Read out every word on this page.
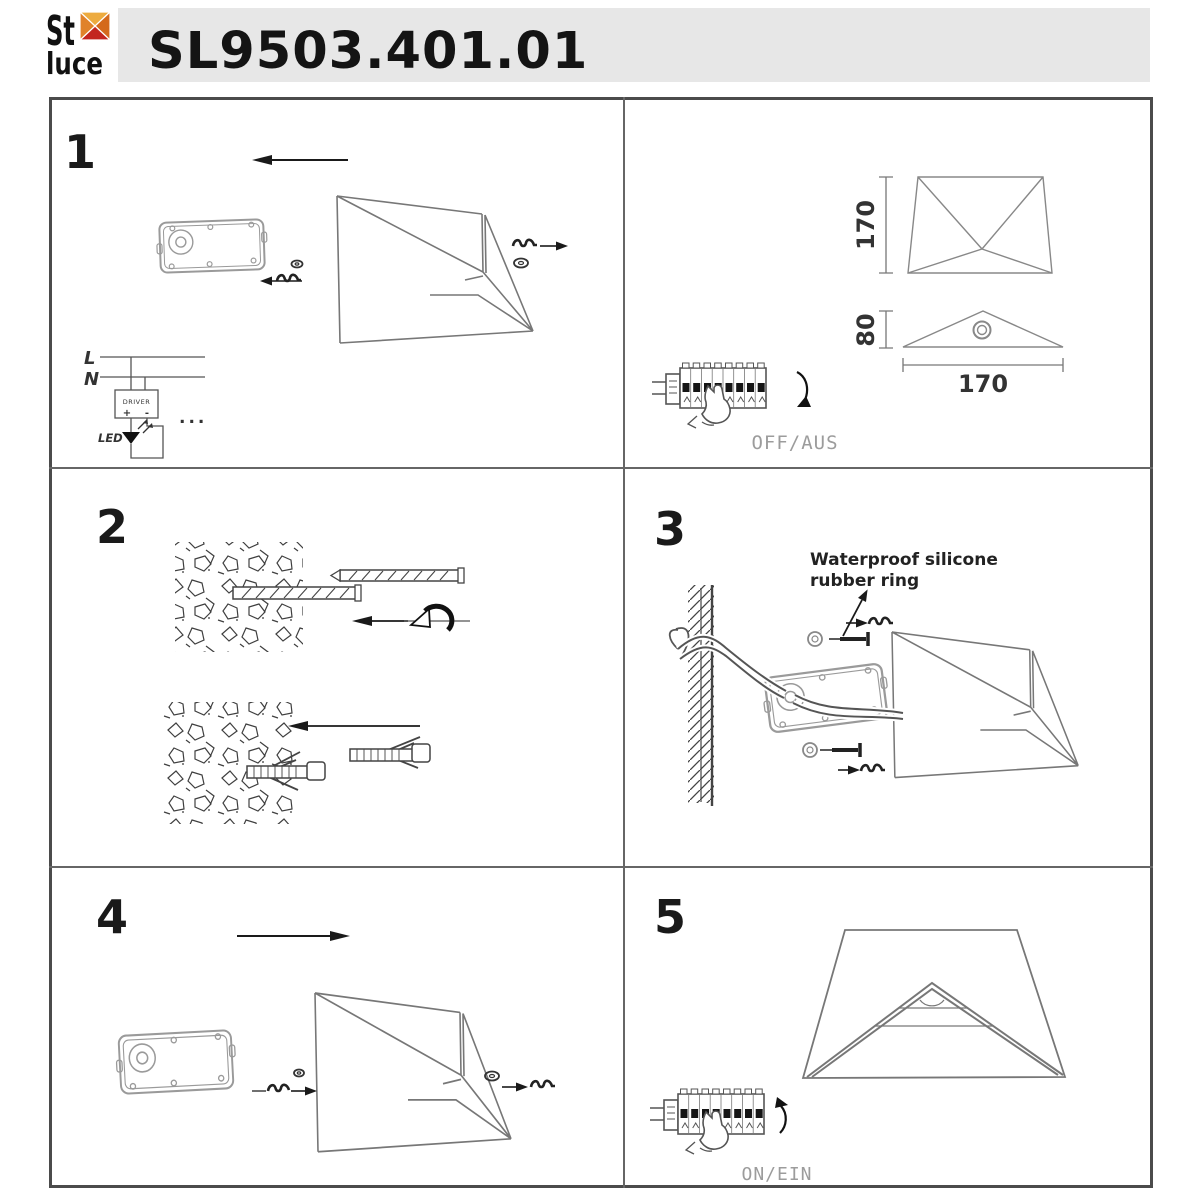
St
luce SL9503.401.01
1
L
N
DRIVER
+ -
LED
...
170
80
170
OFF/AUS
2	3
Waterproof silicone
rubber ring
4	5
ON/EIN
